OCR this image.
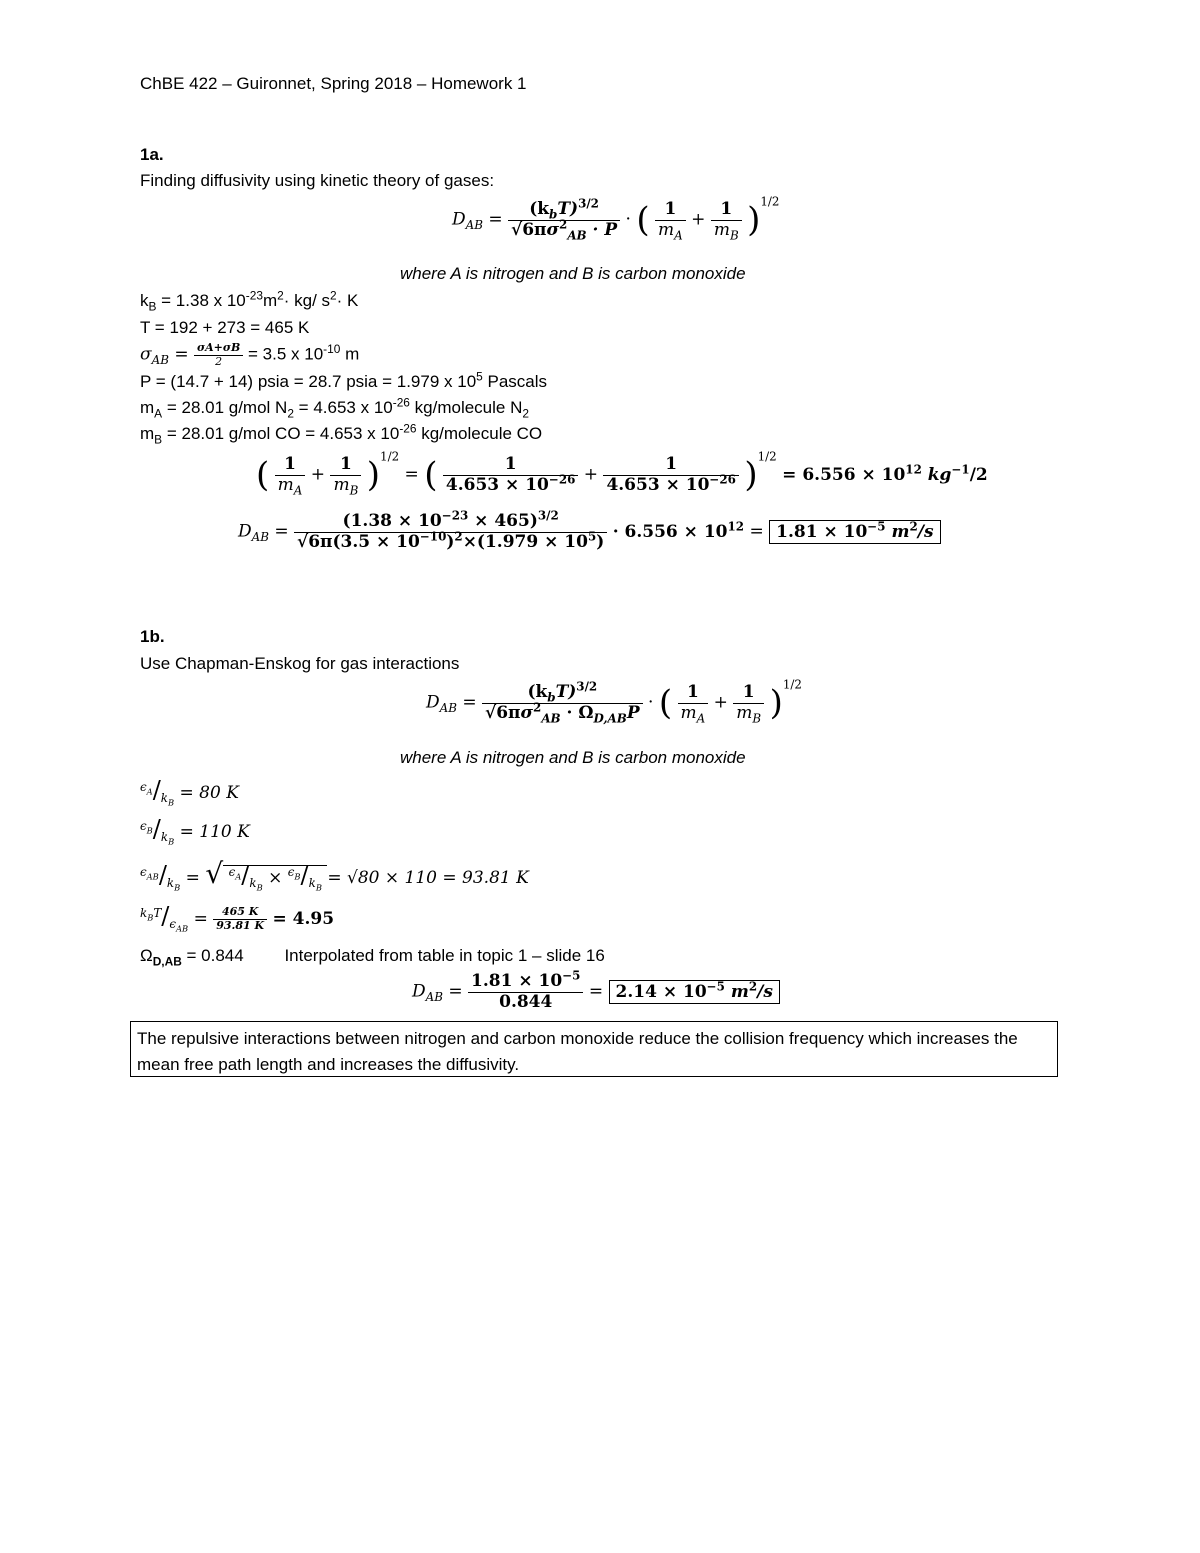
ChBE 422 – Guironnet, Spring 2018 – Homework 1
1a.
Finding diffusivity using kinetic theory of gases:
$D_{AB} = \frac{(k_bT)^{3/2}}{√6\pi\sigma^2_{AB} \cdot P}$ · ( $\frac{1}{m_A} + \frac{1}{m_B} )^{1/2}$
where A is nitrogen and B is carbon monoxide
$k_B = 1.38$ x $10^{-23}m^2\cdot kg/$ $s^2\cdot K$
T = 192 + 273 = 465 K
$\sigma_{AB} = \frac{\sigma A+\sigma B}{2} = 3.5$ x $10^{-10}$ m
P = (14.7 + 14) psia = 28.7 psia = 1.979 x $10^5$ Pascals
$m_A = 28.01$ g/mol $N_2 = 4.653$ x $10^{-26}$ kg/molecule $N_2$
$m_B = 28.01$ g/mol CO = 4.653 x $10^{-26}$ kg/molecule CO
( $\frac{1}{m_A} + \frac{1}{m_B} )^{1/2}$ = ( $\frac{1}{4.653 \times 10^{-26}} + \frac{1}{4.653 \times 10^{-26}} )^{1/2} = 6.556 \times 10^{12}$ $kg^{-1}/2$
$D_{AB} = \frac{(1.38 \times 10^{-23} \times 465)^{3/2}}{√6\pi(3.5 \times 10^{-10})^2\times(1.979 \times 10^5)} \cdot 6.556 \times 10^{12} = 1.81 \times 10^{-5}$ $m^2/s$
1b.
Use Chapman-Enskog for gas interactions
$D_{AB} = \frac{(k_bT)^{3/2}}{√6\pi\sigma^2_{AB} \cdot \Omega_{D,AB}P}$ · ( $\frac{1}{m_A} + \frac{1}{m_B} )^{1/2}$
where A is nitrogen and B is carbon monoxide
$^{\epsilon_A}/_{k_B} = 80$ K
$^{\epsilon_B}/_{k_B} = 110$ K
$^{\epsilon_{AB}}/_{k_B}$ = √ $^{\epsilon_A}/_{k_B} \times ^{\epsilon_B}/_{k_B} = √80 \times 110 = 93.81$ K
$^{k_BT}/_{\epsilon_{AB}} = \frac{465 K}{93.81 K} = 4.95$
$\Omega_{D,AB} = 0.844$ Interpolated from table in topic 1 – slide 16
$D_{AB} = \frac{1.81 \times 10^{-5}}{0.844} = 2.14 \times 10^{-5}$ $m^2/s$
The repulsive interactions between nitrogen and carbon monoxide reduce the collision frequency which increases the mean free path length and increases the diffusivity.
